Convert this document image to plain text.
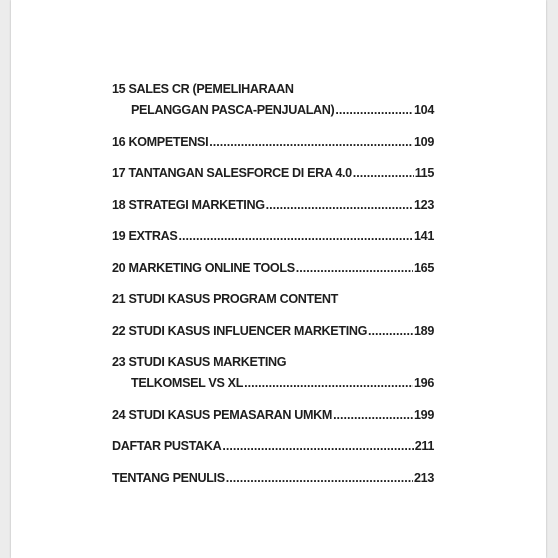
15 SALES CR (PEMELIHARAAN
PELANGGAN PASCA-PENJUALAN) .....	104
16 KOMPETENSI .....	109
17 TANTANGAN SALESFORCE DI ERA 4.0 .....	115
18 STRATEGI MARKETING .....	123
19 EXTRAS .....	141
20 MARKETING ONLINE TOOLS .....	165
21 STUDI KASUS PROGRAM CONTENT
22 STUDI KASUS INFLUENCER MARKETING .....	189
23 STUDI KASUS MARKETING
TELKOMSEL VS XL .....	196
24 STUDI KASUS PEMASARAN UMKM .....	199
DAFTAR PUSTAKA .....	211
TENTANG PENULIS .....	213
